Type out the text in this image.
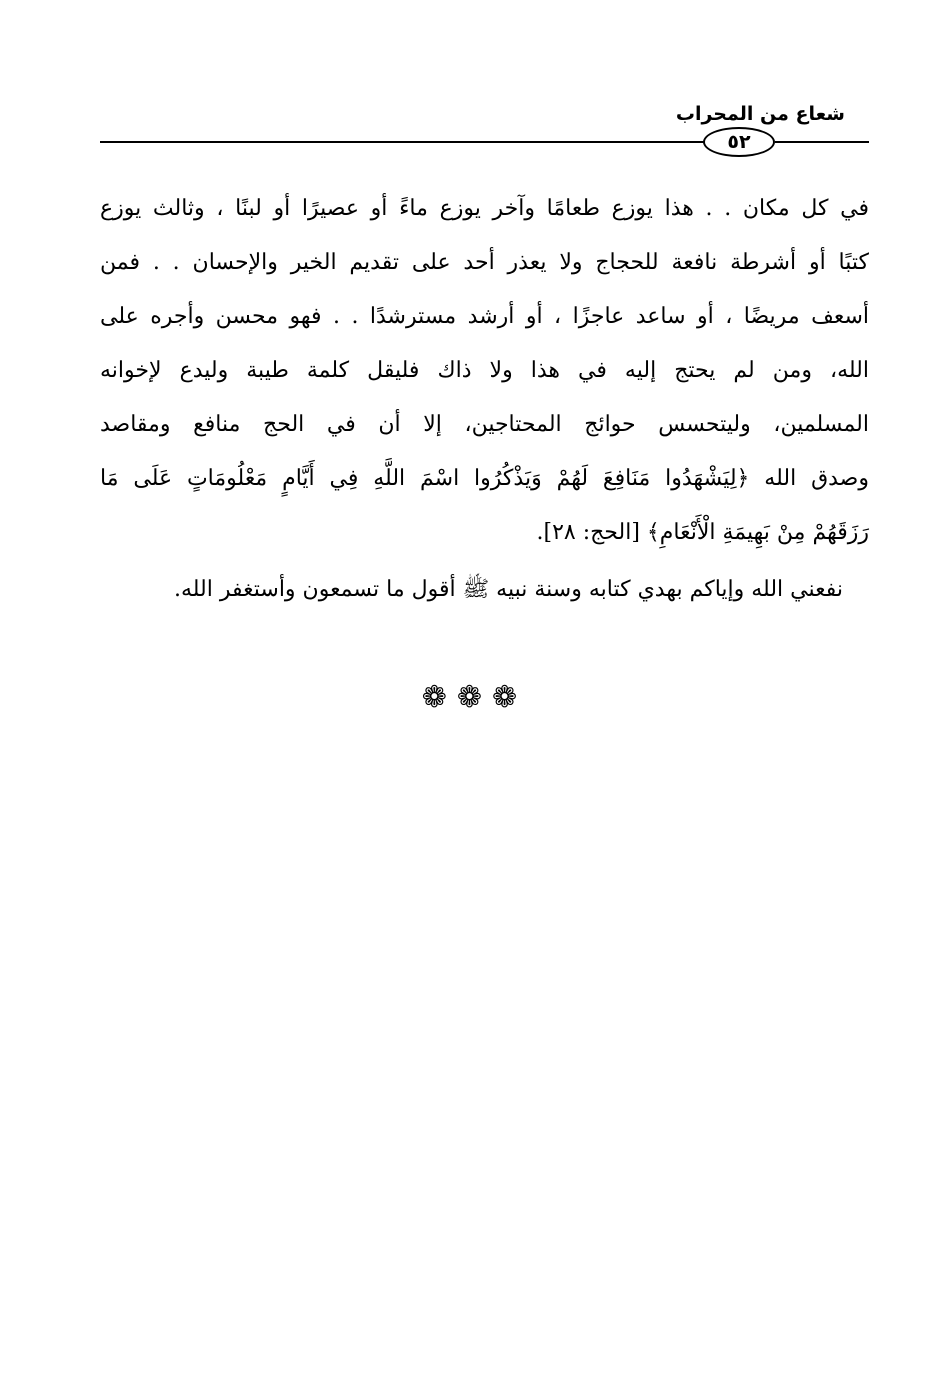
شعاع من المحراب
٥٢
في كل مكان . . هذا يوزع طعامًا وآخر يوزع ماءً أو عصيرًا أو لبنًا ، وثالث يوزع
كتبًا أو أشرطة نافعة للحجاج ولا يعذر أحد على تقديم الخير والإحسان . . فمن
أسعف مريضًا ، أو ساعد عاجزًا ، أو أرشد مسترشدًا . . فهو محسن وأجره على
الله، ومن لم يحتج إليه في هذا ولا ذاك فليقل كلمة طيبة وليدع لإخوانه
المسلمين، وليتحسس حوائج المحتاجين، إلا أن في الحج منافع ومقاصد
وصدق الله ﴿لِيَشْهَدُوا مَنَافِعَ لَهُمْ وَيَذْكُرُوا اسْمَ اللَّهِ فِي أَيَّامٍ مَعْلُومَاتٍ عَلَى مَا
رَزَقَهُمْ مِنْ بَهِيمَةِ الْأَنْعَامِ﴾ [الحج: ٢٨].
نفعني الله وإياكم بهدي كتابه وسنة نبيه ﷺ أقول ما تسمعون وأستغفر الله.
❁❁❁
